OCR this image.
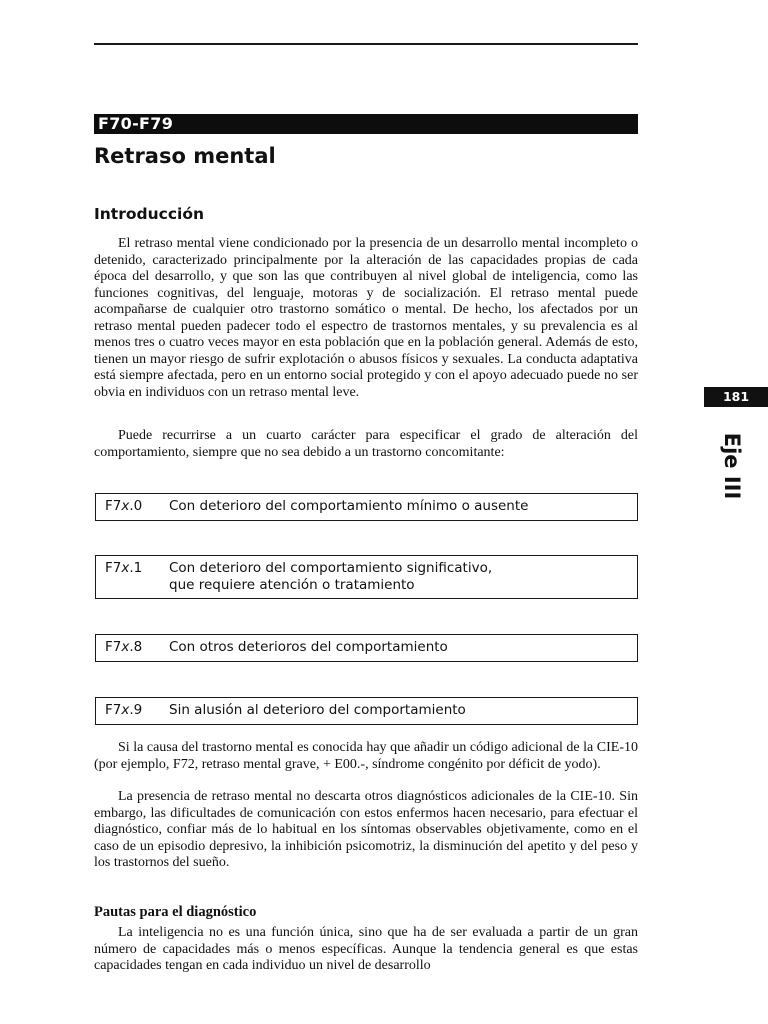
F70-F79
Retraso mental
Introducción

El retraso mental viene condicionado por la presencia de un desarrollo mental incompleto o detenido, caracterizado principalmente por la alteración de las capacidades propias de cada época del desarrollo, y que son las que contribuyen al nivel global de inteligencia, como las funciones cognitivas, del lenguaje, motoras y de socialización. El retraso mental puede acompañarse de cualquier otro trastorno somático o mental. De hecho, los afectados por un retraso mental pueden padecer todo el espectro de trastornos mentales, y su prevalencia es al menos tres o cuatro veces mayor en esta población que en la población general. Además de esto, tienen un mayor riesgo de sufrir explotación o abusos físicos y sexuales. La conducta adaptativa está siempre afectada, pero en un entorno social protegido y con el apoyo adecuado puede no ser obvia en individuos con un retraso mental leve.

Puede recurrirse a un cuarto carácter para especificar el grado de alteración del comportamiento, siempre que no sea debido a un trastorno concomitante:

F7x.0	Con deterioro del comportamiento mínimo o ausente
F7x.1	Con deterioro del comportamiento significativo,
que requiere atención o tratamiento
F7x.8	Con otros deterioros del comportamiento
F7x.9	Sin alusión al deterioro del comportamiento

Si la causa del trastorno mental es conocida hay que añadir un código adicional de la CIE-10 (por ejemplo, F72, retraso mental grave, + E00.-, síndrome congénito por déficit de yodo).

La presencia de retraso mental no descarta otros diagnósticos adicionales de la CIE-10. Sin embargo, las dificultades de comunicación con estos enfermos hacen necesario, para efectuar el diagnóstico, confiar más de lo habitual en los síntomas observables objetivamente, como en el caso de un episodio depresivo, la inhibición psicomotriz, la disminución del apetito y del peso y los trastornos del sueño.

Pautas para el diagnóstico

La inteligencia no es una función única, sino que ha de ser evaluada a partir de un gran número de capacidades más o menos específicas. Aunque la tendencia general es que estas capacidades tengan en cada individuo un nivel de desarrollo

181
Eje III
